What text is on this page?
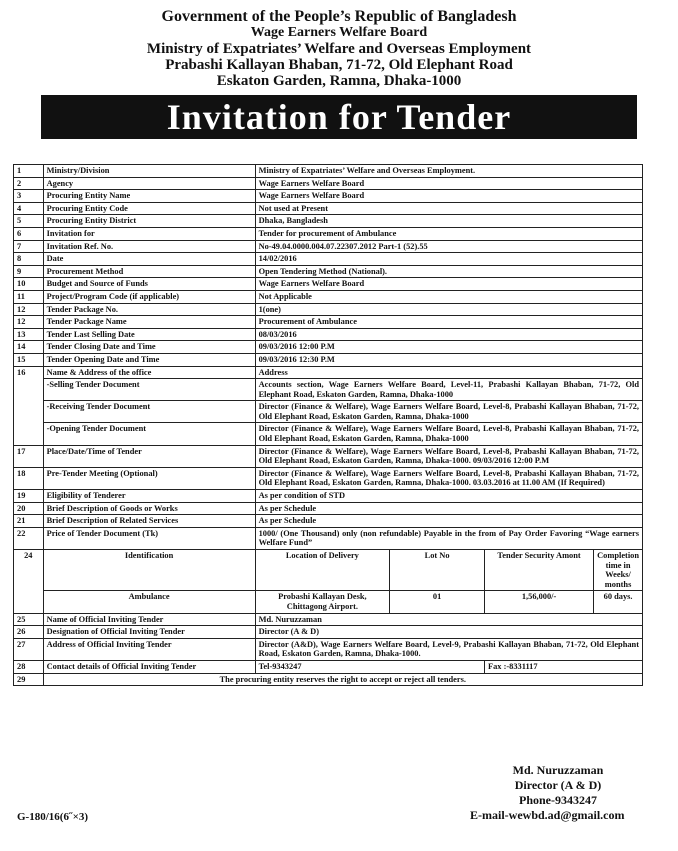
Government of the People’s Republic of Bangladesh
Wage Earners Welfare Board
Ministry of Expatriates’ Welfare and Overseas Employment
Prabashi Kallayan Bhaban, 71-72, Old Elephant Road
Eskaton Garden, Ramna, Dhaka-1000
Invitation for Tender
1	Ministry/Division	Ministry of Expatriates’ Welfare and Overseas Employment.			
2	Agency	Wage Earners Welfare Board			
3	Procuring Entity Name	Wage Earners Welfare Board			
4	Procuring Entity Code	Not used at Present			
5	Procuring Entity District	Dhaka, Bangladesh			
6	Invitation for	Tender for procurement of Ambulance			
7	Invitation Ref. No.	No-49.04.0000.004.07.22307.2012 Part-1 (52).55			
8	Date	14/02/2016			
9	Procurement Method	Open Tendering Method (National).			
10	Budget and Source of Funds	Wage Earners Welfare Board			
11	Project/Program Code (if applicable)	Not Applicable			
12	Tender Package No.	1(one)			
12	Tender Package Name	Procurement of Ambulance			
13	Tender Last Selling Date	08/03/2016			
14	Tender Closing Date and Time	09/03/2016 12:00 P.M			
15	Tender Opening Date and Time	09/03/2016 12:30 P.M			
16	Name & Address of the office	Address			
	-Selling Tender Document	Accounts section, Wage Earners Welfare Board, Level-11, Prabashi Kallayan Bhaban, 71-72, Old Elephant Road, Eskaton Garden, Ramna, Dhaka-1000			
	-Receiving Tender Document	Director (Finance & Welfare), Wage Earners Welfare Board, Level-8, Prabashi Kallayan Bhaban, 71-72, Old Elephant Road, Eskaton Garden, Ramna, Dhaka-1000			
	-Opening Tender Document	Director (Finance & Welfare), Wage Earners Welfare Board, Level-8, Prabashi Kallayan Bhaban, 71-72, Old Elephant Road, Eskaton Garden, Ramna, Dhaka-1000			
17	Place/Date/Time of Tender	Director (Finance & Welfare), Wage Earners Welfare Board, Level-8, Prabashi Kallayan Bhaban, 71-72, Old Elephant Road, Eskaton Garden, Ramna, Dhaka-1000. 09/03/2016 12:00 P.M			
18	Pre-Tender Meeting (Optional)	Director (Finance & Welfare), Wage Earners Welfare Board, Level-8, Prabashi Kallayan Bhaban, 71-72, Old Elephant Road, Eskaton Garden, Ramna, Dhaka-1000. 03.03.2016 at 11.00 AM (If Required)			
19	Eligibility of Tenderer	As per condition of STD			
20	Brief Description of Goods or Works	As per Schedule			
21	Brief Description of Related Services	As per Schedule			
22	Price of Tender Document (Tk)	1000/ (One Thousand) only (non refundable) Payable in the from of Pay Order Favoring “Wage earners Welfare Fund”			
24	Identification	Location of Delivery	Lot No	Tender Security Amont	Completion time in Weeks/ months
	Ambulance	Probashi Kallayan Desk, Chittagong Airport.	01	1,56,000/-	60 days.
25	Name of Official Inviting Tender	Md. Nuruzzaman			
26	Designation of Official Inviting Tender	Director (A & D)			
27	Address of Official Inviting Tender	Director (A&D), Wage Earners Welfare Board, Level-9, Prabashi Kallayan Bhaban, 71-72, Old Elephant Road, Eskaton Garden, Ramna, Dhaka-1000.			
28	Contact details of Official Inviting Tender	Tel-9343247		Fax :-8331117	
29	The procuring entity reserves the right to accept or reject all tenders.				
Md. Nuruzzaman
Director (A & D)
Phone-9343247
E-mail-wewbd.ad@gmail.com
G-180/16(6˝×3)
